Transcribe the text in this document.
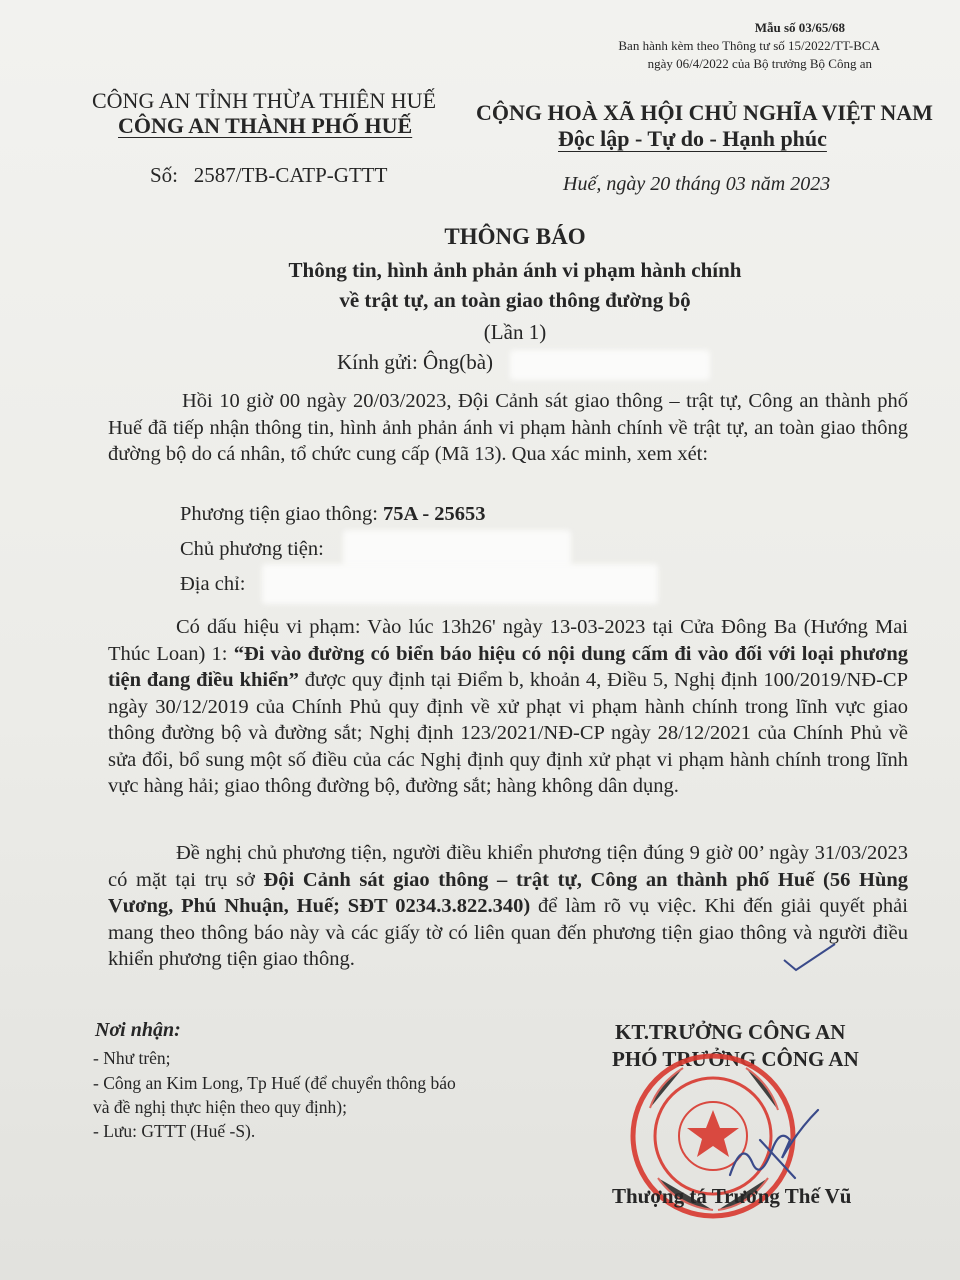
Mẫu số 03/65/68
Ban hành kèm theo Thông tư số 15/2022/TT-BCA
ngày 06/4/2022 của Bộ trưởng Bộ Công an
CÔNG AN TỈNH THỪA THIÊN HUẾ
CÔNG AN THÀNH PHỐ HUẾ
CỘNG HOÀ XÃ HỘI CHỦ NGHĨA VIỆT NAM
Độc lập - Tự do - Hạnh phúc
Số: 2587/TB-CATP-GTTT	Huế, ngày 20 tháng 03 năm 2023
THÔNG BÁO
Thông tin, hình ảnh phản ánh vi phạm hành chính
về trật tự, an toàn giao thông đường bộ
(Lần 1)
Kính gửi: Ông(bà)
Hồi 10 giờ 00 ngày 20/03/2023, Đội Cảnh sát giao thông – trật tự, Công an thành phố Huế đã tiếp nhận thông tin, hình ảnh phản ánh vi phạm hành chính về trật tự, an toàn giao thông đường bộ do cá nhân, tổ chức cung cấp (Mã 13). Qua xác minh, xem xét:
Phương tiện giao thông: 75A - 25653
Chủ phương tiện:
Địa chỉ:
Có dấu hiệu vi phạm: Vào lúc 13h26' ngày 13-03-2023 tại Cửa Đông Ba (Hướng Mai Thúc Loan) 1: “Đi vào đường có biển báo hiệu có nội dung cấm đi vào đối với loại phương tiện đang điều khiển” được quy định tại Điểm b, khoản 4, Điều 5, Nghị định 100/2019/NĐ-CP ngày 30/12/2019 của Chính Phủ quy định về xử phạt vi phạm hành chính trong lĩnh vực giao thông đường bộ và đường sắt; Nghị định 123/2021/NĐ-CP ngày 28/12/2021 của Chính Phủ về sửa đổi, bổ sung một số điều của các Nghị định quy định xử phạt vi phạm hành chính trong lĩnh vực hàng hải; giao thông đường bộ, đường sắt; hàng không dân dụng.
Đề nghị chủ phương tiện, người điều khiển phương tiện đúng 9 giờ 00’ ngày 31/03/2023 có mặt tại trụ sở Đội Cảnh sát giao thông – trật tự, Công an thành phố Huế (56 Hùng Vương, Phú Nhuận, Huế; SĐT 0234.3.822.340) để làm rõ vụ việc. Khi đến giải quyết phải mang theo thông báo này và các giấy tờ có liên quan đến phương tiện giao thông và người điều khiển phương tiện giao thông.
Nơi nhận:
- Như trên;
- Công an Kim Long, Tp Huế (để chuyển thông báo
và đề nghị thực hiện theo quy định);
- Lưu: GTTT (Huế -S).
KT.TRƯỞNG CÔNG AN
PHÓ TRƯỞNG CÔNG AN
Thượng tá Trương Thế Vũ
